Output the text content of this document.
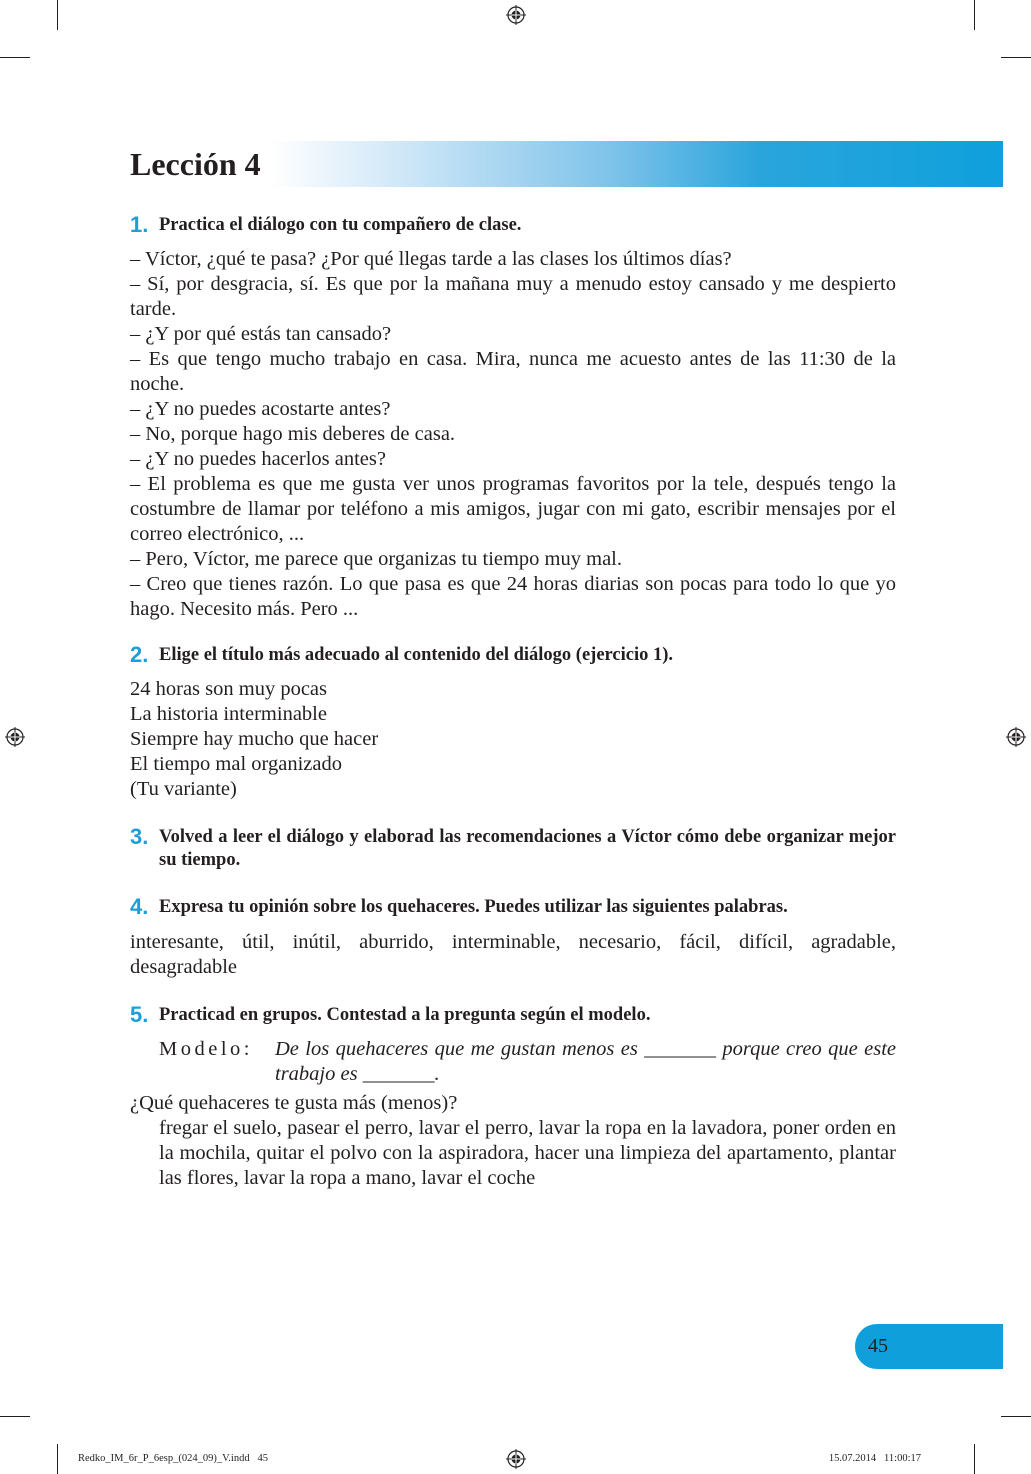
Lección 4
1. Practica el diálogo con tu compañero de clase.
– Víctor, ¿qué te pasa? ¿Por qué llegas tarde a las clases los últimos días?
– Sí, por desgracia, sí. Es que por la mañana muy a menudo estoy cansado y me despierto tarde.
– ¿Y por qué estás tan cansado?
– Es que tengo mucho trabajo en casa. Mira, nunca me acuesto antes de las 11:30 de la noche.
– ¿Y no puedes acostarte antes?
– No, porque hago mis deberes de casa.
– ¿Y no puedes hacerlos antes?
– El problema es que me gusta ver unos programas favoritos por la tele, después tengo la costumbre de llamar por teléfono a mis amigos, jugar con mi gato, escribir mensajes por el correo electrónico, ...
– Pero, Víctor, me parece que organizas tu tiempo muy mal.
– Creo que tienes razón. Lo que pasa es que 24 horas diarias son pocas para todo lo que yo hago. Necesito más. Pero ...
2. Elige el título más adecuado al contenido del diálogo (ejercicio 1).
24 horas son muy pocas
La historia interminable
Siempre hay mucho que hacer
El tiempo mal organizado
(Tu variante)
3. Volved a leer el diálogo y elaborad las recomendaciones a Víctor cómo debe organizar mejor su tiempo.
4. Expresa tu opinión sobre los quehaceres. Puedes utilizar las siguientes palabras.
interesante, útil, inútil, aburrido, interminable, necesario, fácil, difícil, agradable, desagradable
5. Practicad en grupos. Contestad a la pregunta según el modelo.
Modelo: De los quehaceres que me gustan menos es _______ porque creo que este trabajo es _______.
¿Qué quehaceres te gusta más (menos)?
fregar el suelo, pasear el perro, lavar el perro, lavar la ropa en la lavadora, poner orden en la mochila, quitar el polvo con la aspiradora, hacer una limpieza del apartamento, plantar las flores, lavar la ropa a mano, lavar el coche
45
Redko_IM_6r_P_6esp_(024_09)_V.indd   45	15.07.2014   11:00:17
